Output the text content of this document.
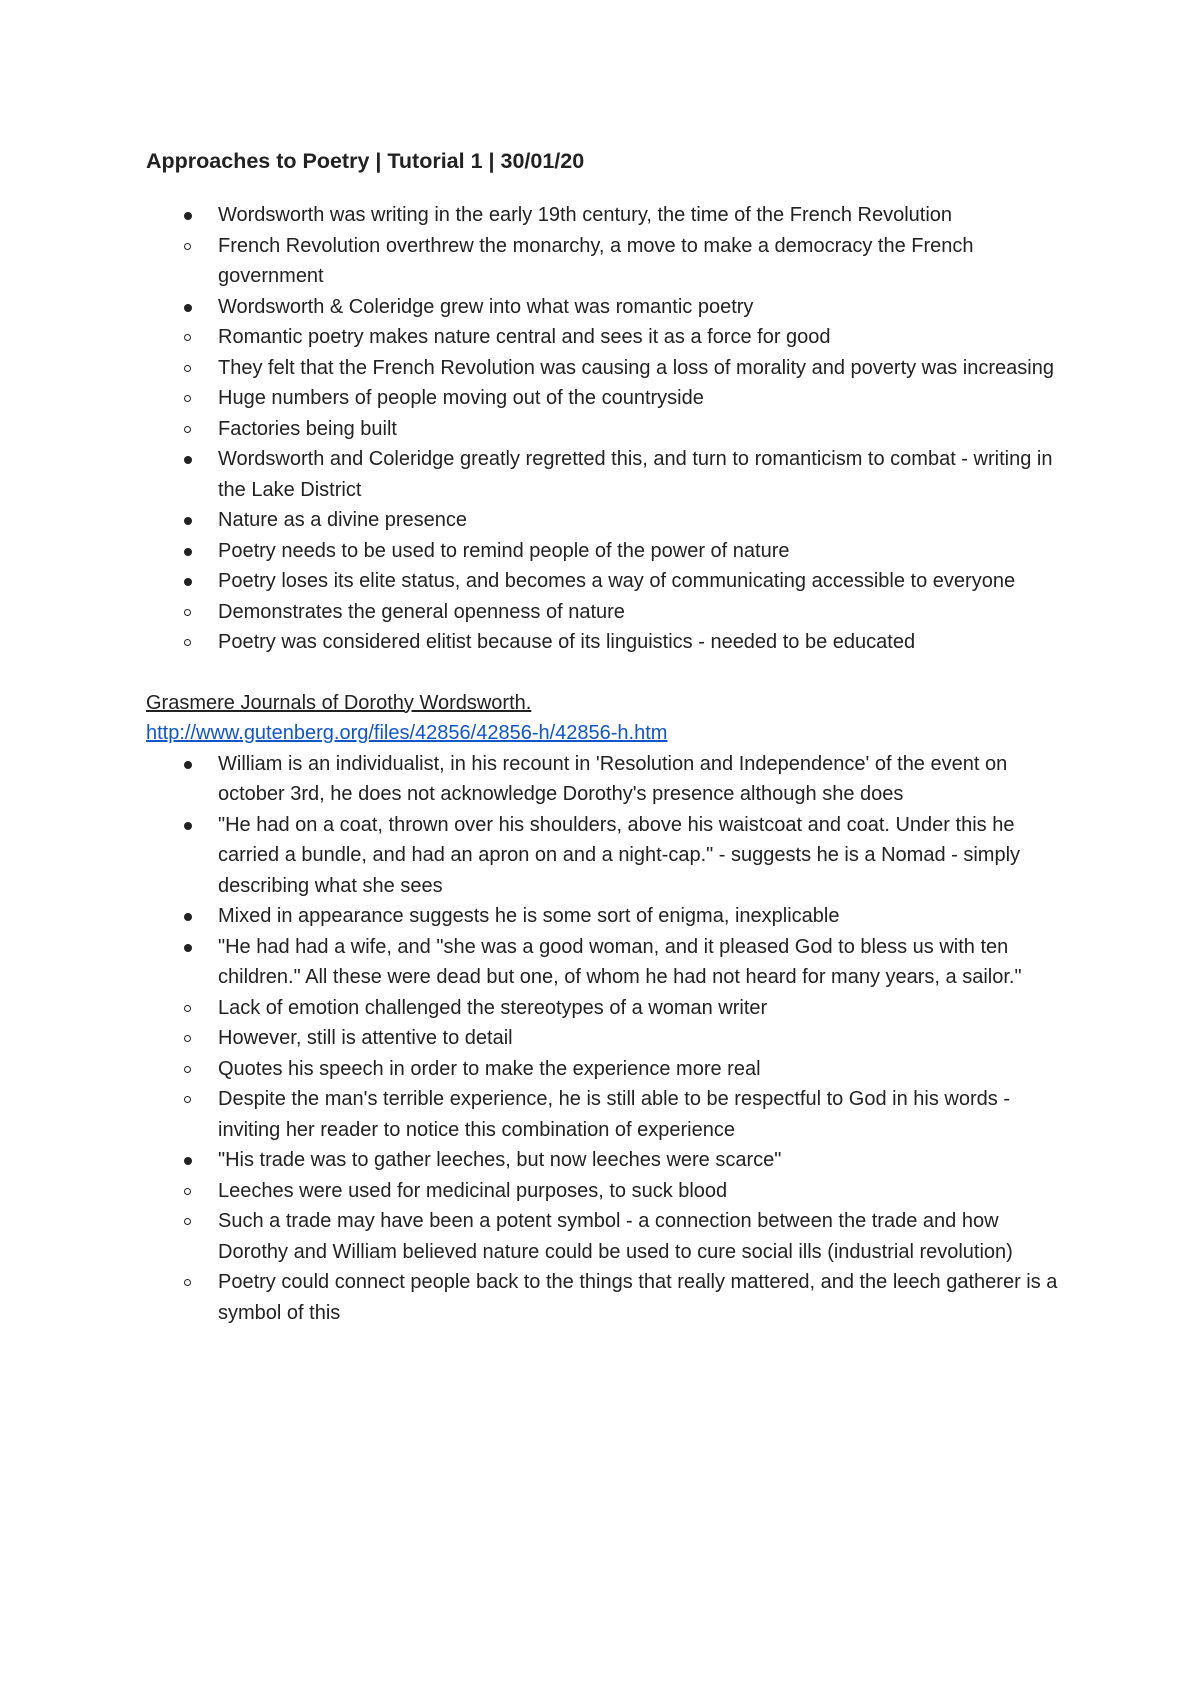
Approaches to Poetry | Tutorial 1 | 30/01/20
Wordsworth was writing in the early 19th century, the time of the French Revolution
French Revolution overthrew the monarchy, a move to make a democracy the French government
Wordsworth & Coleridge grew into what was romantic poetry
Romantic poetry makes nature central and sees it as a force for good
They felt that the French Revolution was causing a loss of morality and poverty was increasing
Huge numbers of people moving out of the countryside
Factories being built
Wordsworth and Coleridge greatly regretted this, and turn to romanticism to combat - writing in the Lake District
Nature as a divine presence
Poetry needs to be used to remind people of the power of nature
Poetry loses its elite status, and becomes a way of communicating accessible to everyone
Demonstrates the general openness of nature
Poetry was considered elitist because of its linguistics - needed to be educated
Grasmere Journals of Dorothy Wordsworth.
http://www.gutenberg.org/files/42856/42856-h/42856-h.htm
William is an individualist, in his recount in 'Resolution and Independence' of the event on october 3rd, he does not acknowledge Dorothy's presence although she does
"He had on a coat, thrown over his shoulders, above his waistcoat and coat. Under this he carried a bundle, and had an apron on and a night-cap." - suggests he is a Nomad - simply describing what she sees
Mixed in appearance suggests he is some sort of enigma, inexplicable
"He had had a wife, and "she was a good woman, and it pleased God to bless us with ten children." All these were dead but one, of whom he had not heard for many years, a sailor."
Lack of emotion challenged the stereotypes of a woman writer
However, still is attentive to detail
Quotes his speech in order to make the experience more real
Despite the man's terrible experience, he is still able to be respectful to God in his words - inviting her reader to notice this combination of experience
"His trade was to gather leeches, but now leeches were scarce"
Leeches were used for medicinal purposes, to suck blood
Such a trade may have been a potent symbol - a connection between the trade and how Dorothy and William believed nature could be used to cure social ills (industrial revolution)
Poetry could connect people back to the things that really mattered, and the leech gatherer is a symbol of this
